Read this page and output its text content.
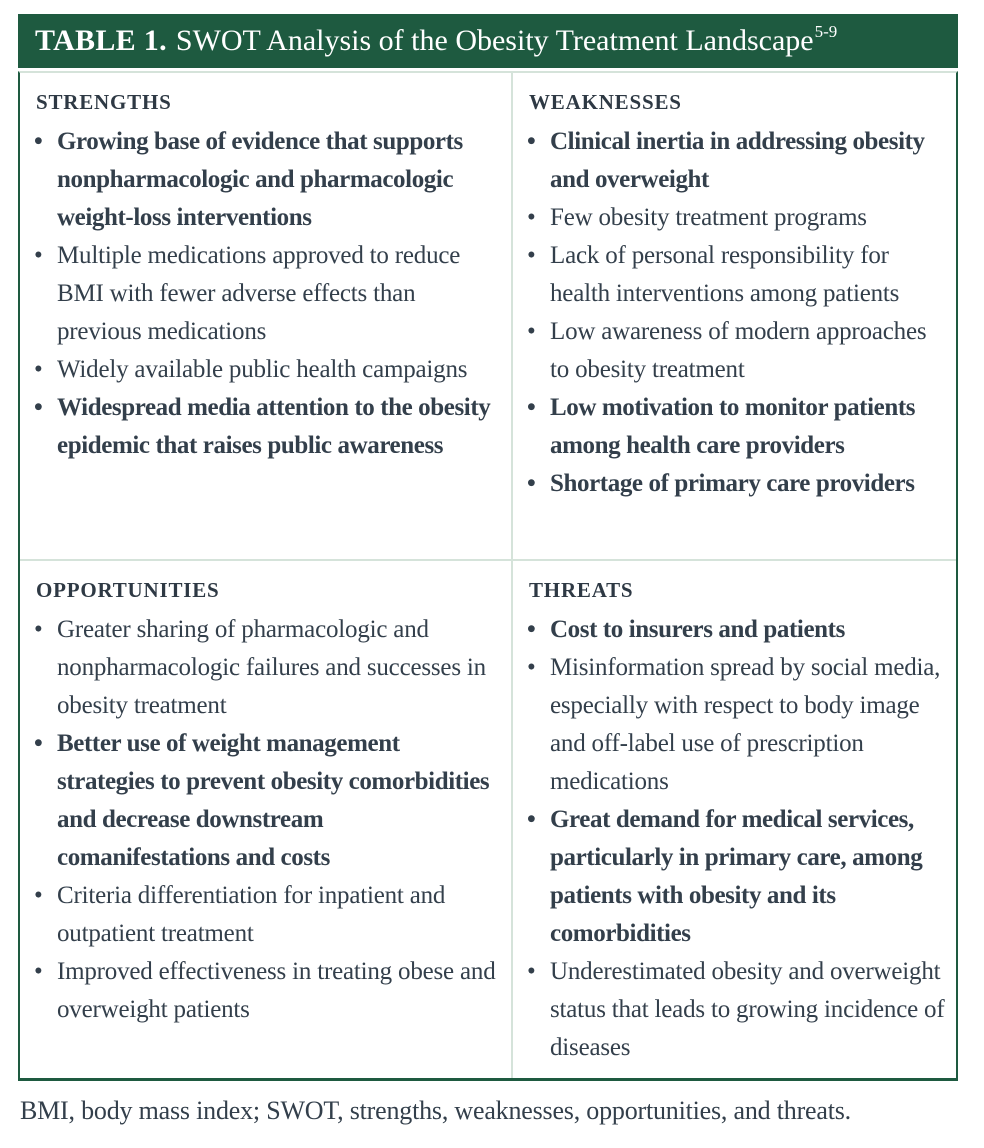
TABLE 1. SWOT Analysis of the Obesity Treatment Landscape 5-9
STRENGTHS
• Growing base of evidence that supports nonpharmacologic and pharmacologic weight-loss interventions
• Multiple medications approved to reduce BMI with fewer adverse effects than previous medications
• Widely available public health campaigns
• Widespread media attention to the obesity epidemic that raises public awareness
WEAKNESSES
• Clinical inertia in addressing obesity and overweight
• Few obesity treatment programs
• Lack of personal responsibility for health interventions among patients
• Low awareness of modern approaches to obesity treatment
• Low motivation to monitor patients among health care providers
• Shortage of primary care providers
OPPORTUNITIES
• Greater sharing of pharmacologic and nonpharmacologic failures and successes in obesity treatment
• Better use of weight management strategies to prevent obesity comorbidities and decrease downstream comanifestations and costs
• Criteria differentiation for inpatient and outpatient treatment
• Improved effectiveness in treating obese and overweight patients
THREATS
• Cost to insurers and patients
• Misinformation spread by social media, especially with respect to body image and off-label use of prescription medications
• Great demand for medical services, particularly in primary care, among patients with obesity and its comorbidities
• Underestimated obesity and overweight status that leads to growing incidence of diseases
BMI, body mass index; SWOT, strengths, weaknesses, opportunities, and threats.
